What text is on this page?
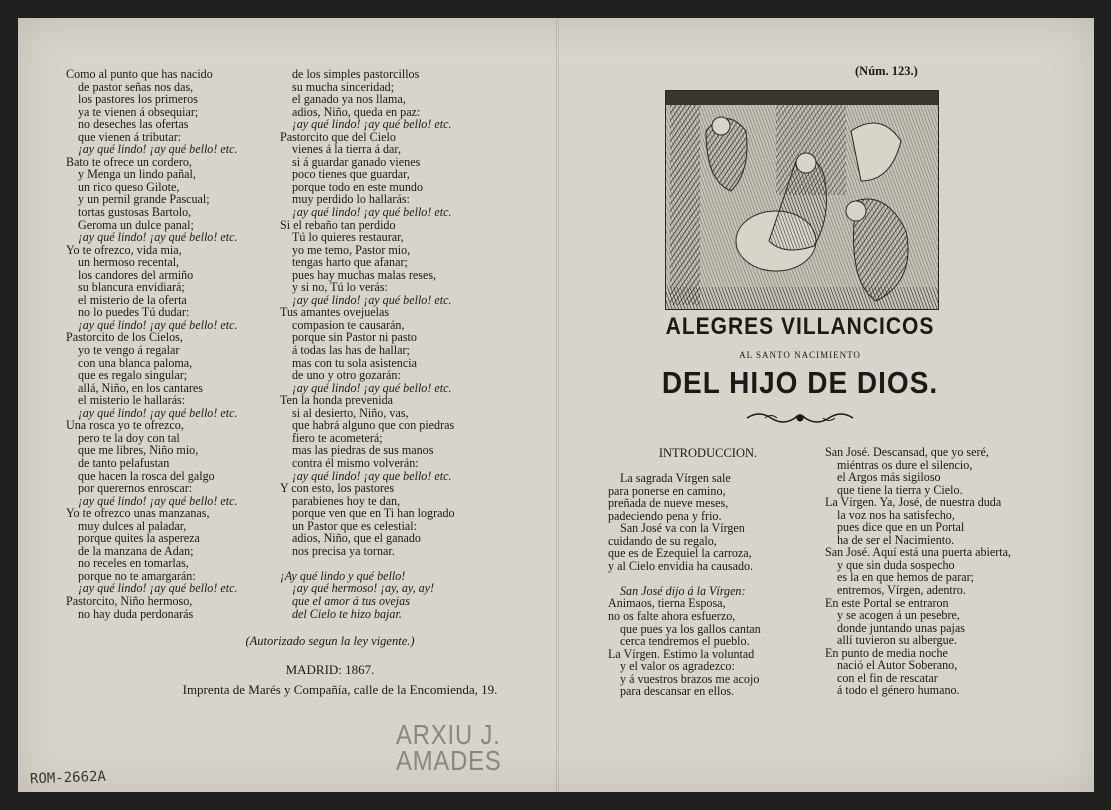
Como al punto que has nacido
de pastor señas nos das,
los pastores los primeros
ya te vienen á obsequiar;
no deseches las ofertas
que vienen á tributar:
¡ay qué lindo! ¡ay qué bello! etc.
Bato te ofrece un cordero,
y Menga un lindo pañal,
un rico queso Gilote,
y un pernil grande Pascual;
tortas gustosas Bartolo,
Geroma un dulce panal;
¡ay qué lindo! ¡ay qué bello! etc.
Yo te ofrezco, vida mia,
un hermoso recental,
los candores del armiño
su blancura envidiará;
el misterio de la oferta
no lo puedes Tú dudar:
¡ay qué lindo! ¡ay qué bello! etc.
Pastorcito de los Cielos,
yo te vengo á regalar
con una blanca paloma,
que es regalo singular;
allá, Niño, en los cantares
el misterio le hallarás:
¡ay qué lindo! ¡ay qué bello! etc.
Una rosca yo te ofrezco,
pero te la doy con tal
que me libres, Niño mio,
de tanto pelafustan
que hacen la rosca del galgo
por querernos enroscar:
¡ay qué lindo! ¡ay qué bello! etc.
Yo te ofrezco unas manzanas,
muy dulces al paladar,
porque quites la aspereza
de la manzana de Adan;
no receles en tomarlas,
porque no te amargarán:
¡ay qué lindo! ¡ay qué bello! etc.
Pastorcito, Niño hermoso,
no hay duda perdonarás
de los simples pastorcillos
su mucha sinceridad;
el ganado ya nos llama,
adios, Niño, queda en paz:
¡ay qué lindo! ¡ay qué bello! etc.
Pastorcito que del Cielo
vienes á la tierra á dar,
si á guardar ganado vienes
poco tienes que guardar,
porque todo en este mundo
muy perdido lo hallarás:
¡ay qué lindo! ¡ay qué bello! etc.
Si el rebaño tan perdido
Tú lo quieres restaurar,
yo me temo, Pastor mio,
tengas harto que afanar;
pues hay muchas malas reses,
y si no, Tú lo verás:
¡ay qué lindo! ¡ay qué bello! etc.
Tus amantes ovejuelas
compasion te causarán,
porque sin Pastor ni pasto
á todas las has de hallar;
mas con tu sola asistencia
de uno y otro gozarán:
¡ay qué lindo! ¡ay qué bello! etc.
Ten la honda prevenida
si al desierto, Niño, vas,
que habrá alguno que con piedras
fiero te acometerá;
mas las piedras de sus manos
contra él mismo volverán:
¡ay qué lindo! ¡ay que bello! etc.
Y con esto, los pastores
parabienes hoy te dan,
porque ven que en Ti han logrado
un Pastor que es celestial:
adios, Niño, que el ganado
nos precisa ya tornar.

¡Ay qué lindo y qué bello!
¡ay qué hermoso! ¡ay, ay, ay!
que el amor á tus ovejas
del Cielo te hizo bajar.
(Autorizado segun la ley vigente.)
MADRID: 1867.
Imprenta de Marés y Compañía, calle de la Encomienda, 19.
(Núm. 123.)
ALEGRES VILLANCICOS
AL SANTO NACIMIENTO
DEL HIJO DE DIOS.
INTRODUCCION.
La sagrada Vírgen sale
para ponerse en camino,
preñada de nueve meses,
padeciendo pena y frio.
San José va con la Vírgen
cuidando de su regalo,
que es de Ezequiel la carroza,
y al Cielo envidia ha causado.

San José dijo á la Vírgen:
Animaos, tierna Esposa,
no os falte ahora esfuerzo,
que pues ya los gallos cantan
cerca tendremos el pueblo.
La Vírgen. Estimo la voluntad
y el valor os agradezco:
y á vuestros brazos me acojo
para descansar en ellos.
San José. Descansad, que yo seré,
miéntras os dure el silencio,
el Argos más sigiloso
que tiene la tierra y Cielo.
La Vírgen. Ya, José, de nuestra duda
la voz nos ha satisfecho,
pues dice que en un Portal
ha de ser el Nacimiento.
San José. Aquí está una puerta abierta,
y que sin duda sospecho
es la en que hemos de parar;
entremos, Vírgen, adentro.
En este Portal se entraron
y se acogen á un pesebre,
donde juntando unas pajas
allí tuvieron su albergue.
En punto de media noche
nació el Autor Soberano,
con el fin de rescatar
á todo el género humano.
ARXIU J.
AMADES
ROM-2662A
